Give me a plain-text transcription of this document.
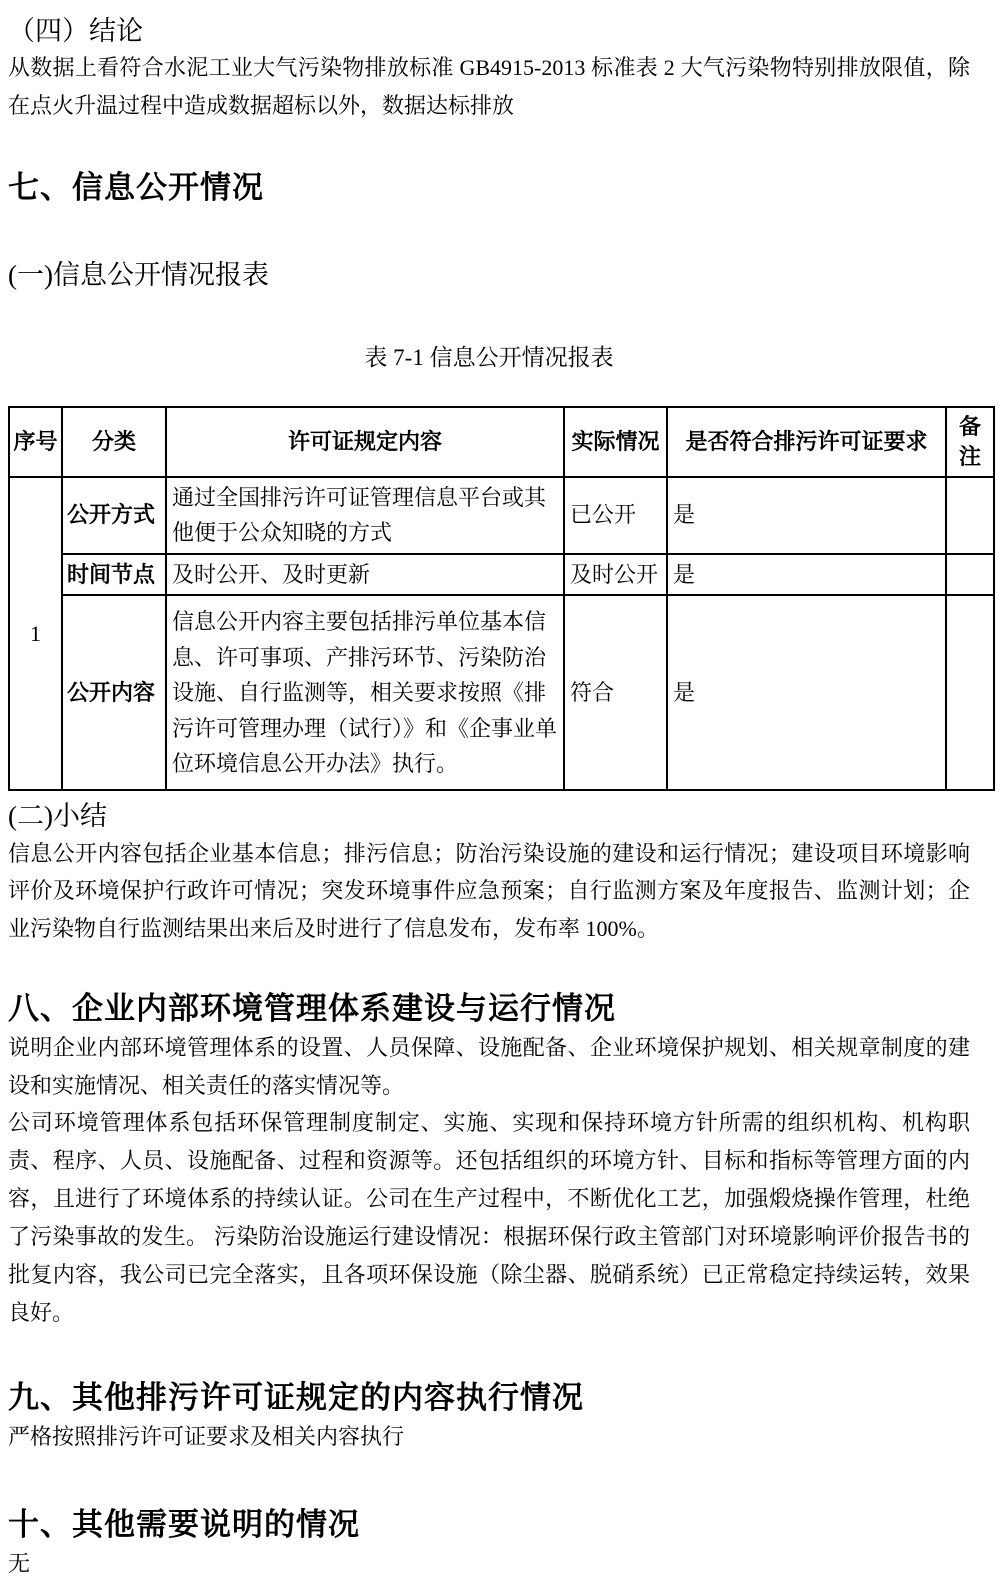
（四）结论

从数据上看符合水泥工业大气污染物排放标准 GB4915-2013 标准表 2 大气污染物特别排放限值，除在点火升温过程中造成数据超标以外，数据达标排放

七、信息公开情况
(一)信息公开情况报表
表 7-1 信息公开情况报表
序号	分类	许可证规定内容	实际情况	是否符合排污许可证要求	备注
1	公开方式	通过全国排污许可证管理信息平台或其他便于公众知晓的方式	已公开	是	
	时间节点	及时公开、及时更新	及时公开	是	
	公开内容	信息公开内容主要包括排污单位基本信息、许可事项、产排污环节、污染防治设施、自行监测等，相关要求按照《排污许可管理办理（试行）》和《企事业单位环境信息公开办法》执行。	符合	是	
(二)小结

信息公开内容包括企业基本信息；排污信息；防治污染设施的建设和运行情况；建设项目环境影响评价及环境保护行政许可情况；突发环境事件应急预案；自行监测方案及年度报告、监测计划；企业污染物自行监测结果出来后及时进行了信息发布，发布率 100%。

八、企业内部环境管理体系建设与运行情况

说明企业内部环境管理体系的设置、人员保障、设施配备、企业环境保护规划、相关规章制度的建设和实施情况、相关责任的落实情况等。

公司环境管理体系包括环保管理制度制定、实施、实现和保持环境方针所需的组织机构、机构职责、程序、人员、设施配备、过程和资源等。还包括组织的环境方针、目标和指标等管理方面的内容，且进行了环境体系的持续认证。公司在生产过程中，不断优化工艺，加强煅烧操作管理，杜绝了污染事故的发生。 污染防治设施运行建设情况：根据环保行政主管部门对环境影响评价报告书的批复内容，我公司已完全落实，且各项环保设施（除尘器、脱硝系统）已正常稳定持续运转，效果良好。

九、其他排污许可证规定的内容执行情况

严格按照排污许可证要求及相关内容执行

十、其他需要说明的情况

无
